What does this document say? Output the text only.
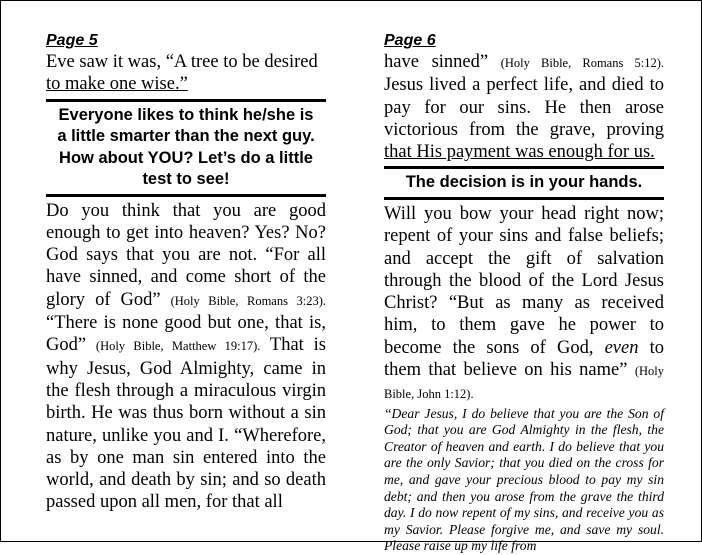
Page 5

Eve saw it was, “A tree to be desired
to make one wise.”

Everyone likes to think he/she is a little smarter than the next guy. How about YOU? Let’s do a little test to see!

Do you think that you are good enough to get into heaven? Yes? No? God says that you are not. “For all have sinned, and come short of the glory of God” (Holy Bible, Romans 3:23). “There is none good but one, that is, God” (Holy Bible, Matthew 19:17). That is why Jesus, God Almighty, came in the flesh through a miraculous virgin birth. He was thus born without a sin nature, unlike you and I. “Wherefore, as by one man sin entered into the world, and death by sin; and so death passed upon all men, for that all

Page 6

have sinned” (Holy Bible, Romans 5:12). Jesus lived a perfect life, and died to pay for our sins. He then arose victorious from the grave, proving that His payment was enough for us.

The decision is in your hands.

Will you bow your head right now; repent of your sins and false beliefs; and accept the gift of salvation through the blood of the Lord Jesus Christ? “But as many as received him, to them gave he power to become the sons of God, even to them that believe on his name” (Holy Bible, John 1:12).

“Dear Jesus, I do believe that you are the Son of God; that you are God Almighty in the flesh, the Creator of heaven and earth. I do believe that you are the only Savior; that you died on the cross for me, and gave your precious blood to pay my sin debt; and then you arose from the grave the third day. I do now repent of my sins, and receive you as my Savior. Please forgive me, and save my soul. Please raise up my life from
